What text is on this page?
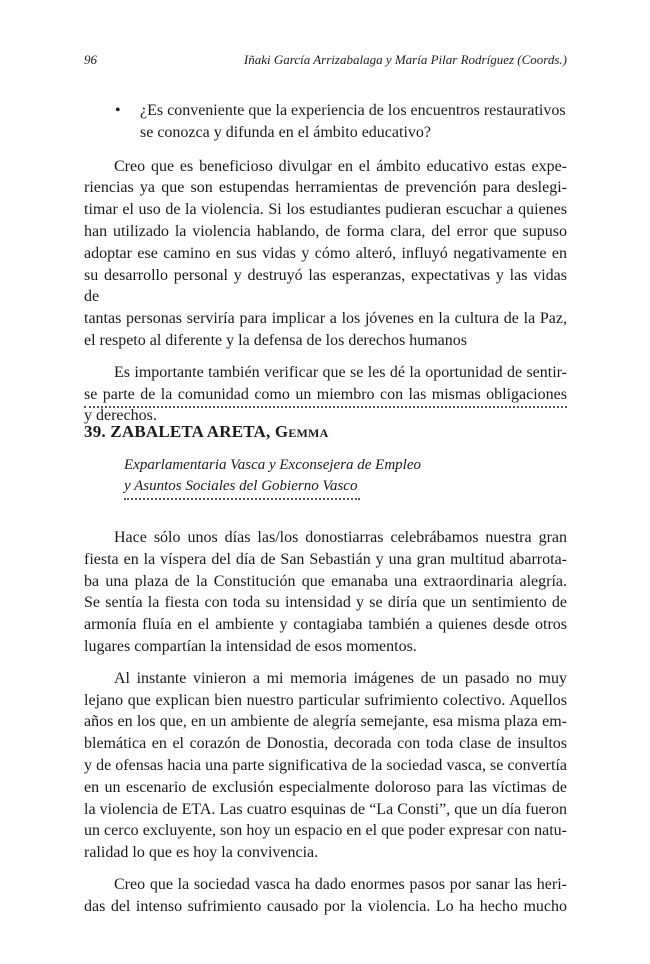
96	Iñaki García Arrizabalaga y María Pilar Rodríguez (Coords.)
• ¿Es conveniente que la experiencia de los encuentros restaurativos
se conozca y difunda en el ámbito educativo?
Creo que es beneficioso divulgar en el ámbito educativo estas expe-
riencias ya que son estupendas herramientas de prevención para deslegi-
timar el uso de la violencia. Si los estudiantes pudieran escuchar a quienes
han utilizado la violencia hablando, de forma clara, del error que supuso
adoptar ese camino en sus vidas y cómo alteró, influyó negativamente en
su desarrollo personal y destruyó las esperanzas, expectativas y las vidas de
tantas personas serviría para implicar a los jóvenes en la cultura de la Paz,
el respeto al diferente y la defensa de los derechos humanos
Es importante también verificar que se les dé la oportunidad de sentir-
se parte de la comunidad como un miembro con las mismas obligaciones
y derechos.
39. ZABALETA ARETA, Gemma
Exparlamentaria Vasca y Exconsejera de Empleo
y Asuntos Sociales del Gobierno Vasco
Hace sólo unos días las/los donostiarras celebrábamos nuestra gran
fiesta en la víspera del día de San Sebastián y una gran multitud abarrota-
ba una plaza de la Constitución que emanaba una extraordinaria alegría.
Se sentía la fiesta con toda su intensidad y se diría que un sentimiento de
armonía fluía en el ambiente y contagiaba también a quienes desde otros
lugares compartían la intensidad de esos momentos.
Al instante vinieron a mi memoria imágenes de un pasado no muy
lejano que explican bien nuestro particular sufrimiento colectivo. Aquellos
años en los que, en un ambiente de alegría semejante, esa misma plaza em-
blemática en el corazón de Donostia, decorada con toda clase de insultos
y de ofensas hacia una parte significativa de la sociedad vasca, se convertía
en un escenario de exclusión especialmente doloroso para las víctimas de
la violencia de ETA. Las cuatro esquinas de “La Consti”, que un día fueron
un cerco excluyente, son hoy un espacio en el que poder expresar con natu-
ralidad lo que es hoy la convivencia.
Creo que la sociedad vasca ha dado enormes pasos por sanar las heri-
das del intenso sufrimiento causado por la violencia. Lo ha hecho mucho
